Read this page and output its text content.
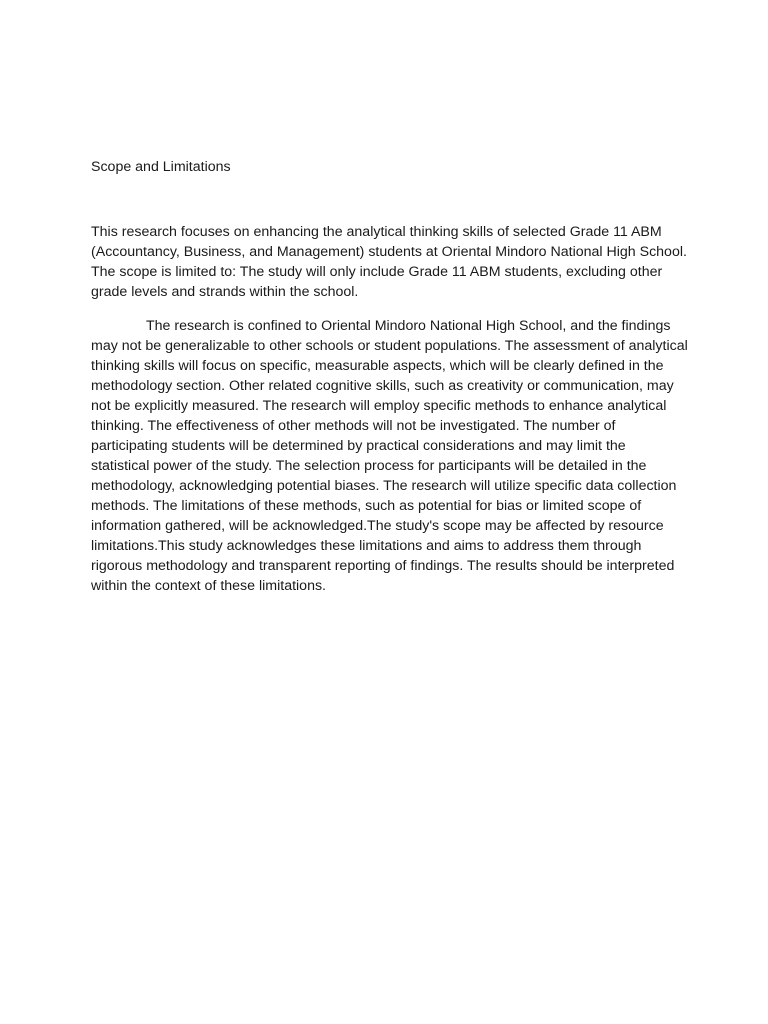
Scope and Limitations

This research focuses on enhancing the analytical thinking skills of selected Grade 11 ABM
(Accountancy, Business, and Management) students at Oriental Mindoro National High School.
The scope is limited to: The study will only include Grade 11 ABM students, excluding other
grade levels and strands within the school.

The research is confined to Oriental Mindoro National High School, and the findings
may not be generalizable to other schools or student populations. The assessment of analytical
thinking skills will focus on specific, measurable aspects, which will be clearly defined in the
methodology section. Other related cognitive skills, such as creativity or communication, may
not be explicitly measured. The research will employ specific methods to enhance analytical
thinking. The effectiveness of other methods will not be investigated. The number of
participating students will be determined by practical considerations and may limit the
statistical power of the study. The selection process for participants will be detailed in the
methodology, acknowledging potential biases. The research will utilize specific data collection
methods. The limitations of these methods, such as potential for bias or limited scope of
information gathered, will be acknowledged.The study's scope may be affected by resource
limitations.This study acknowledges these limitations and aims to address them through
rigorous methodology and transparent reporting of findings. The results should be interpreted
within the context of these limitations.
